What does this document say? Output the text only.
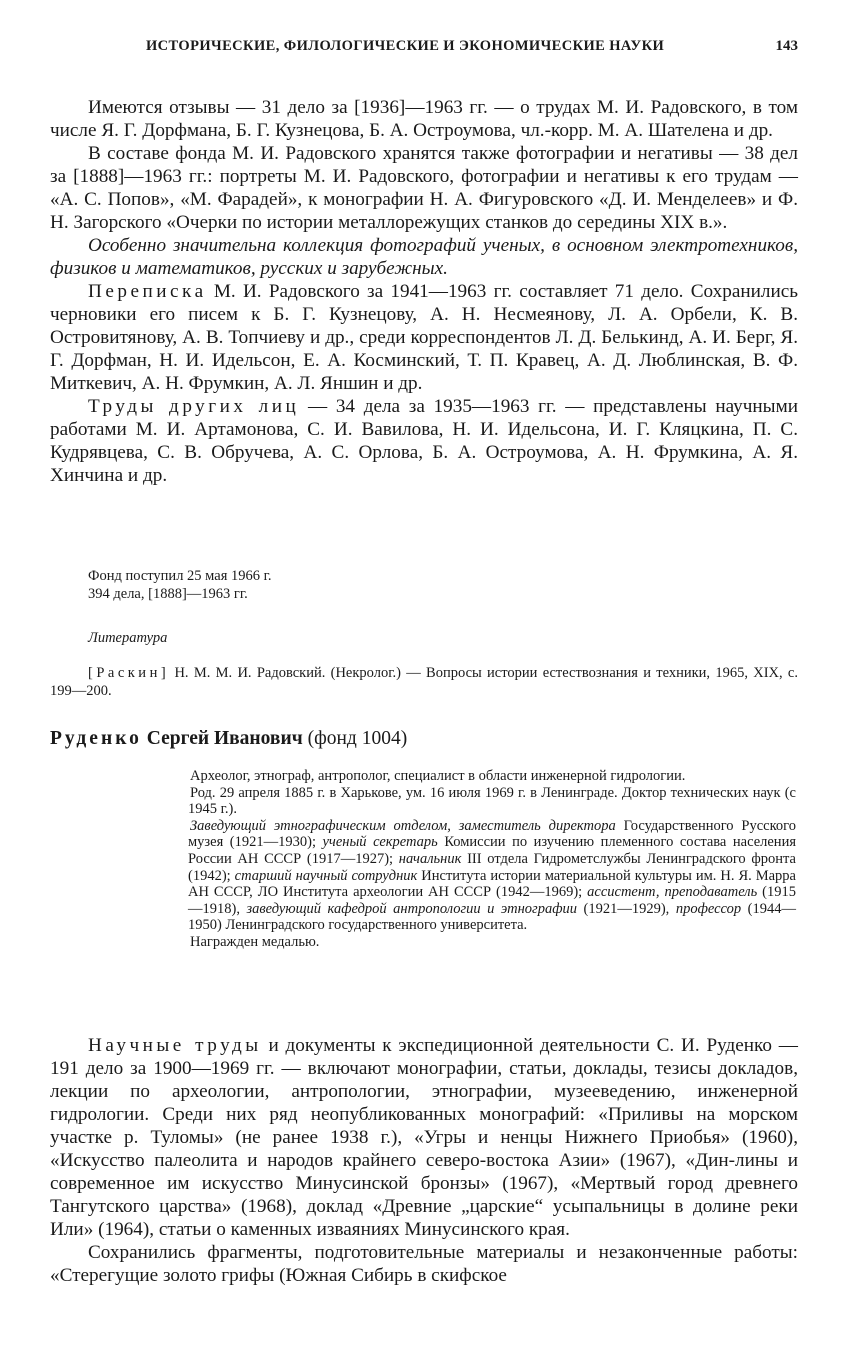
ИСТОРИЧЕСКИЕ, ФИЛОЛОГИЧЕСКИЕ И ЭКОНОМИЧЕСКИЕ НАУКИ	143

Имеются отзывы — 31 дело за [1936]—1963 гг. — о трудах М. И. Радовского, в том числе Я. Г. Дорфмана, Б. Г. Кузнецова, Б. А. Остроумова, чл.-корр. М. А. Шателена и др.

В составе фонда М. И. Радовского хранятся также фотографии и негативы — 38 дел за [1888]—1963 гг.: портреты М. И. Радовского, фотографии и негативы к его трудам — «А. С. Попов», «М. Фарадей», к монографии Н. А. Фигуровского «Д. И. Менделеев» и Ф. Н. Загорского «Очерки по истории металлорежущих станков до середины XIX в.».

Особенно значительна коллекция фотографий ученых, в основном электротехников, физиков и математиков, русских и зарубежных.

Переписка М. И. Радовского за 1941—1963 гг. составляет 71 дело. Сохранились черновики его писем к Б. Г. Кузнецову, А. Н. Несмеянову, Л. А. Орбели, К. В. Островитянову, А. В. Топчиеву и др., среди корреспондентов Л. Д. Белькинд, А. И. Берг, Я. Г. Дорфман, Н. И. Идельсон, Е. А. Косминский, Т. П. Кравец, А. Д. Люблинская, В. Ф. Миткевич, А. Н. Фрумкин, А. Л. Яншин и др.

Труды других лиц — 34 дела за 1935—1963 гг. — представлены научными работами М. И. Артамонова, С. И. Вавилова, Н. И. Идельсона, И. Г. Кляцкина, П. С. Кудрявцева, С. В. Обручева, А. С. Орлова, Б. А. Остроумова, А. Н. Фрумкина, А. Я. Хинчина и др.

Фонд поступил 25 мая 1966 г.

394 дела, [1888]—1963 гг.

Литература

[Раскин] Н. М. М. И. Радовский. (Некролог.) — Вопросы истории естествознания и техники, 1965, XIX, с. 199—200.

Руденко Сергей Иванович (фонд 1004)

Археолог, этнограф, антрополог, специалист в области инженерной гидрологии.

Род. 29 апреля 1885 г. в Харькове, ум. 16 июля 1969 г. в Ленинграде. Доктор технических наук (с 1945 г.).

Заведующий этнографическим отделом, заместитель директора Государственного Русского музея (1921—1930); ученый секретарь Комиссии по изучению племенного состава населения России АН СССР (1917—1927); начальник III отдела Гидрометслужбы Ленинградского фронта (1942); старший научный сотрудник Института истории материальной культуры им. Н. Я. Марра АН СССР, ЛО Института археологии АН СССР (1942—1969); ассистент, преподаватель (1915—1918), заведующий кафедрой антропологии и этнографии (1921—1929), профессор (1944—1950) Ленинградского государственного университета.

Награжден медалью.

Научные труды и документы к экспедиционной деятельности С. И. Руденко — 191 дело за 1900—1969 гг. — включают монографии, статьи, доклады, тезисы докладов, лекции по археологии, антропологии, этнографии, музееведению, инженерной гидрологии. Среди них ряд неопубликованных монографий: «Приливы на морском участке р. Туломы» (не ранее 1938 г.), «Угры и ненцы Нижнего Приобья» (1960), «Искусство палеолита и народов крайнего северо-востока Азии» (1967), «Дин-лины и современное им искусство Минусинской бронзы» (1967), «Мертвый город древнего Тангутского царства» (1968), доклад «Древние „царские“ усыпальницы в долине реки Или» (1964), статьи о каменных изваяниях Минусинского края.

Сохранились фрагменты, подготовительные материалы и незаконченные работы: «Стерегущие золото грифы (Южная Сибирь в скифское
